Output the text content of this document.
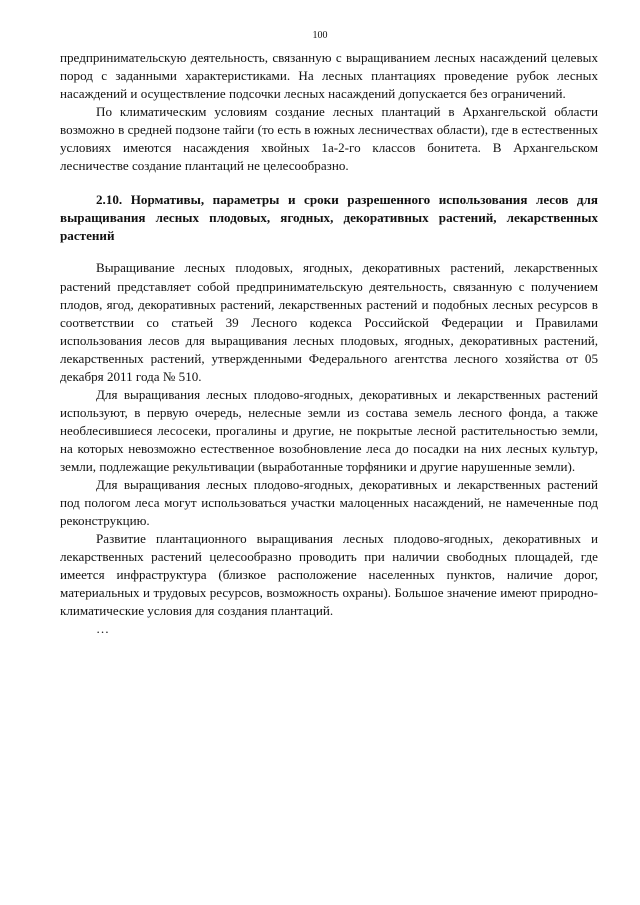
100

предпринимательскую деятельность, связанную с выращиванием лесных насаждений целевых пород с заданными характеристиками. На лесных плантациях проведение рубок лесных насаждений и осуществление подсочки лесных насаждений допускается без ограничений.

По климатическим условиям создание лесных плантаций в Архангельской области возможно в средней подзоне тайги (то есть в южных лесничествах области), где в естественных условиях имеются насаждения хвойных 1а-2-го классов бонитета. В Архангельском лесничестве создание плантаций не целесообразно.

2.10. Нормативы, параметры и сроки разрешенного использования лесов для выращивания лесных плодовых, ягодных, декоративных растений, лекарственных растений

Выращивание лесных плодовых, ягодных, декоративных растений, лекарственных растений представляет собой предпринимательскую деятельность, связанную с получением плодов, ягод, декоративных растений, лекарственных растений и подобных лесных ресурсов в соответствии со статьей 39 Лесного кодекса Российской Федерации и Правилами использования лесов для выращивания лесных плодовых, ягодных, декоративных растений, лекарственных растений, утвержденными Федерального агентства лесного хозяйства от 05 декабря 2011 года № 510.

Для выращивания лесных плодово-ягодных, декоративных и лекарственных растений используют, в первую очередь, нелесные земли из состава земель лесного фонда, а также необлесившиеся лесосеки, прогалины и другие, не покрытые лесной растительностью земли, на которых невозможно естественное возобновление леса до посадки на них лесных культур, земли, подлежащие рекультивации (выработанные торфяники и другие нарушенные земли).

Для выращивания лесных плодово-ягодных, декоративных и лекарственных растений под пологом леса могут использоваться участки малоценных насаждений, не намеченные под реконструкцию.

Развитие плантационного выращивания лесных плодово-ягодных, декоративных и лекарственных растений целесообразно проводить при наличии свободных площадей, где имеется инфраструктура (близкое расположение населенных пунктов, наличие дорог, материальных и трудовых ресурсов, возможность охраны). Большое значение имеют природно-климатические условия для создания плантаций.

…
